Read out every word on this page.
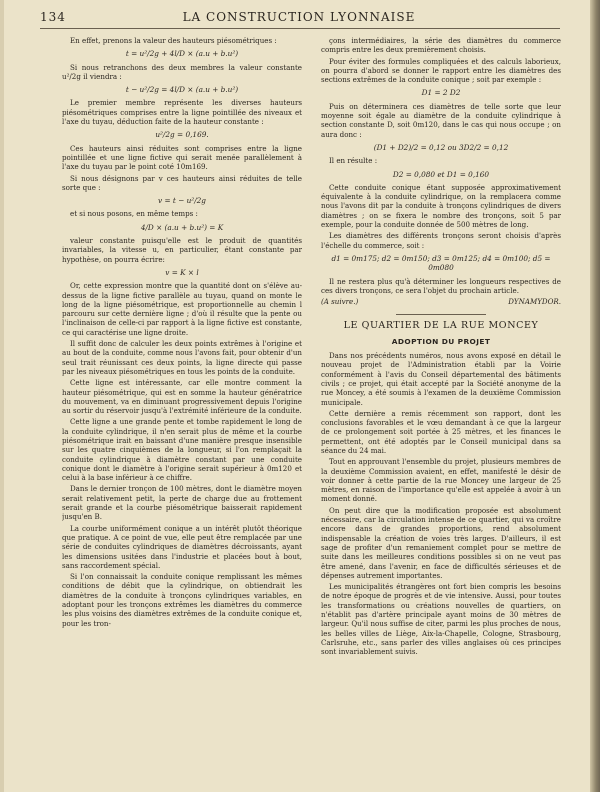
134	LA CONSTRUCTION LYONNAISE

En effet, prenons la valeur des hauteurs piésométriques :

t = u²/2g + 4l/D × (a.u + b.u²)

Si nous retranchons des deux membres la valeur constante u²/2g il viendra :

t − u²/2g = 4l/D × (a.u + b.u²)

Le premier membre représente les diverses hauteurs piésométriques comprises entre la ligne pointillée des niveaux et l'axe du tuyau, déduction faite de la hauteur constante :

u²/2g = 0,169.

Ces hauteurs ainsi réduites sont comprises entre la ligne pointillée et une ligne fictive qui serait menée parallèlement à l'axe du tuyau par le point coté 10m169.

Si nous désignons par v ces hauteurs ainsi réduites de telle sorte que :

v = t − u²/2g

et si nous posons, en même temps :

4/D × (a.u + b.u²) = K

valeur constante puisqu'elle est le produit de quantités invariables, la vitesse u, en particulier, étant constante par hypothèse, on pourra écrire:

v = K × l

Or, cette expression montre que la quantité dont on s'élève au-dessus de la ligne fictive parallèle au tuyau, quand on monte le long de la ligne piésométrique, est proportionnelle au chemin l parcouru sur cette dernière ligne ; d'où il résulte que la pente ou l'inclinaison de celle-ci par rapport à la ligne fictive est constante, ce qui caractérise une ligne droite.

Il suffit donc de calculer les deux points extrêmes à l'origine et au bout de la conduite, comme nous l'avons fait, pour obtenir d'un seul trait réunissant ces deux points, la ligne directe qui passe par les niveaux piésométriques en tous les points de la conduite.

Cette ligne est intéressante, car elle montre comment la hauteur piésométrique, qui est en somme la hauteur génératrice du mouvement, va en diminuant progressivement depuis l'origine au sortir du réservoir jusqu'à l'extrémité inférieure de la conduite.

Cette ligne a une grande pente et tombe rapidement le long de la conduite cylindrique, il n'en serait plus de même et la courbe piésométrique irait en baissant d'une manière presque insensible sur les quatre cinquièmes de la longueur, si l'on remplaçait la conduite cylindrique à diamètre constant par une conduite conique dont le diamètre à l'origine serait supérieur à 0m120 et celui à la base inférieur à ce chiffre.

Dans le dernier tronçon de 100 mètres, dont le diamètre moyen serait relativement petit, la perte de charge due au frottement serait grande et la courbe piésométrique baisserait rapidement jusqu'en B.

La courbe uniformément conique a un intérêt plutôt théorique que pratique. A ce point de vue, elle peut être remplacée par une série de conduites cylindriques de diamètres décroissants, ayant les dimensions usitées dans l'industrie et placées bout à bout, sans raccordement spécial.

Si l'on connaissait la conduite conique remplissant les mêmes conditions de débit que la cylindrique, on obtiendrait les diamètres de la conduite à tronçons cylindriques variables, en adoptant pour les tronçons extrêmes les diamètres du commerce les plus voisins des diamètres extrêmes de la conduite conique et, pour les tron-

çons intermédiaires, la série des diamètres du commerce compris entre les deux premièrement choisis.

Pour éviter des formules compliquées et des calculs laborieux, on pourra d'abord se donner le rapport entre les diamètres des sections extrêmes de la conduite conique ; soit par exemple :

D1 = 2 D2

Puis on déterminera ces diamètres de telle sorte que leur moyenne soit égale au diamètre de la conduite cylindrique à section constante D, soit 0m120, dans le cas qui nous occupe ; on aura donc :

(D1 + D2)/2 = 0,12 ou 3D2/2 = 0,12

Il en résulte :

D2 = 0,080 et D1 = 0,160

Cette conduite conique étant supposée approximativement équivalente à la conduite cylindrique, on la remplacera comme nous l'avons dit par la conduite à tronçons cylindriques de divers diamètres ; on se fixera le nombre des tronçons, soit 5 par exemple, pour la conduite donnée de 500 mètres de long.

Les diamètres des différents tronçons seront choisis d'après l'échelle du commerce, soit :

d1 = 0m175; d2 = 0m150; d3 = 0m125; d4 = 0m100; d5 = 0m080

Il ne restera plus qu'à déterminer les longueurs respectives de ces divers tronçons, ce sera l'objet du prochain article.

(A suivre.)	DYNAMYDOR.
LE QUARTIER DE LA RUE MONCEY
ADOPTION DU PROJET

Dans nos précédents numéros, nous avons exposé en détail le nouveau projet de l'Administration établi par la Voirie conformément à l'avis du Conseil départemental des bâtiments civils ; ce projet, qui était accepté par la Société anonyme de la rue Moncey, a été soumis à l'examen de la deuxième Commission municipale.

Cette dernière a remis récemment son rapport, dont les conclusions favorables et le vœu demandant à ce que la largeur de ce prolongement soit portée à 25 mètres, et les finances le permettent, ont été adoptés par le Conseil municipal dans sa séance du 24 mai.

Tout en approuvant l'ensemble du projet, plusieurs membres de la deuxième Commission avaient, en effet, manifesté le désir de voir donner à cette partie de la rue Moncey une largeur de 25 mètres, en raison de l'importance qu'elle est appelée à avoir à un moment donné.

On peut dire que la modification proposée est absolument nécessaire, car la circulation intense de ce quartier, qui va croître encore dans de grandes proportions, rend absolument indispensable la création de voies très larges. D'ailleurs, il est sage de profiter d'un remaniement complet pour se mettre de suite dans les meilleures conditions possibles si on ne veut pas être amené, dans l'avenir, en face de difficultés sérieuses et de dépenses autrement importantes.

Les municipalités étrangères ont fort bien compris les besoins de notre époque de progrès et de vie intensive. Aussi, pour toutes les transformations ou créations nouvelles de quartiers, on n'établit pas d'artère principale ayant moins de 30 mètres de largeur. Qu'il nous suffise de citer, parmi les plus proches de nous, les belles villes de Liège, Aix-la-Chapelle, Cologne, Strasbourg, Carlsruhe, etc., sans parler des villes anglaises où ces principes sont invariablement suivis.
